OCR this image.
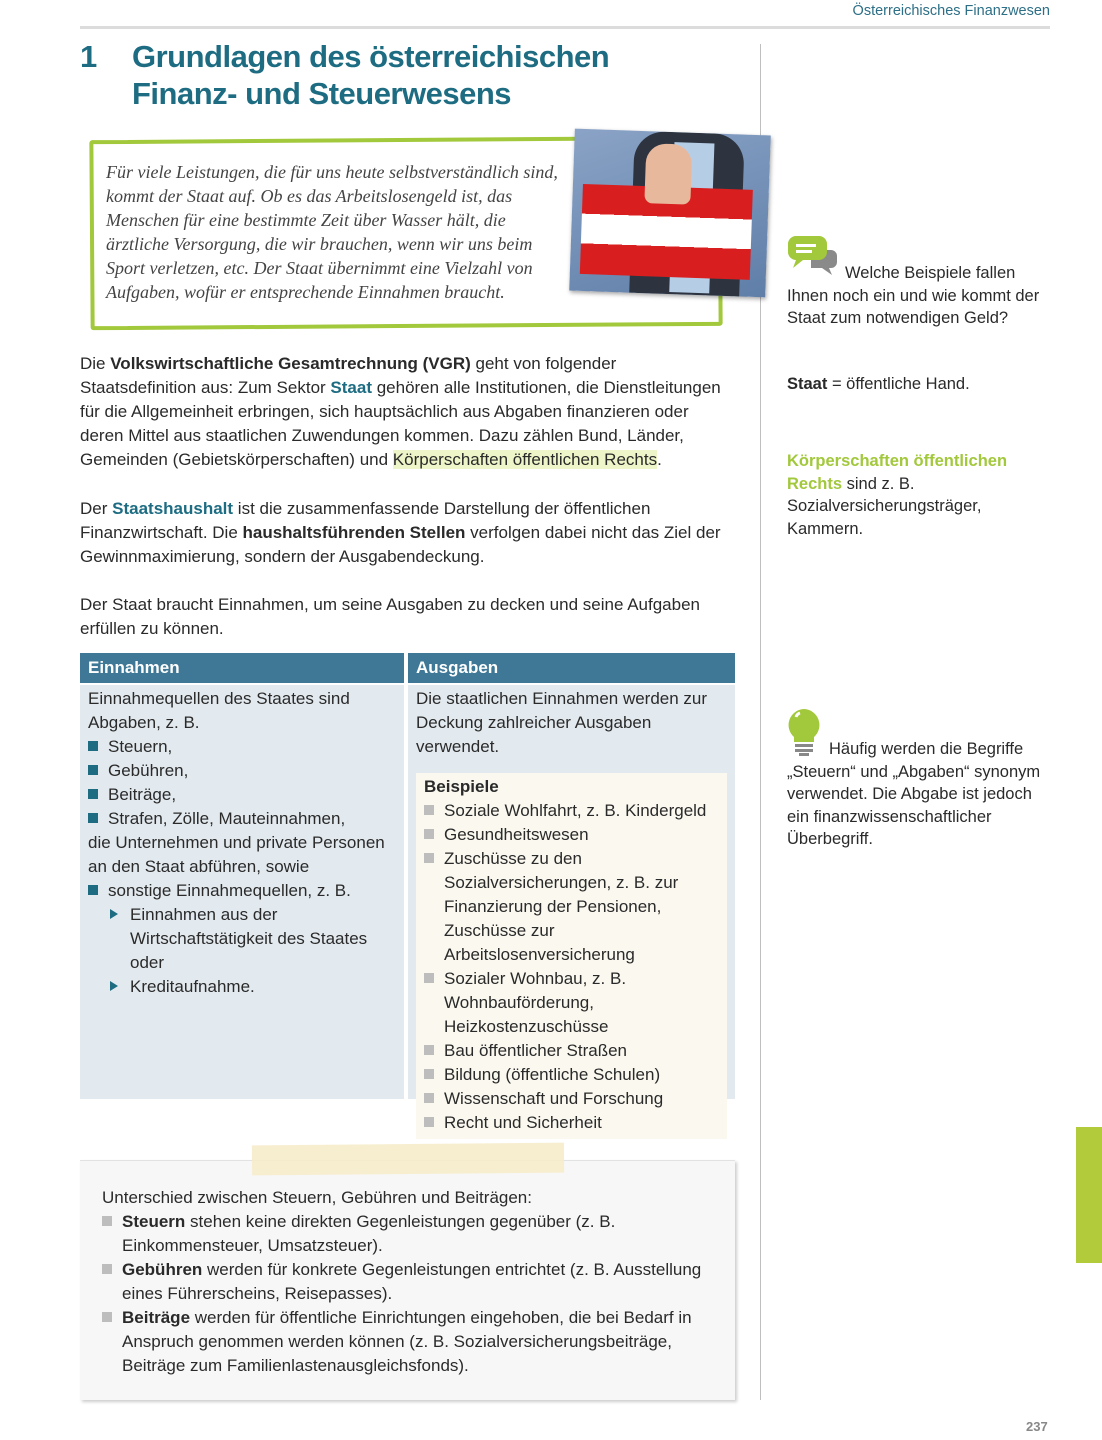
Österreichisches Finanzwesen
1 Grundlagen des österreichischen Finanz- und Steuerwesens
Für viele Leistungen, die für uns heute selbstverständlich sind, kommt der Staat auf. Ob es das Arbeitslosengeld ist, das Menschen für eine bestimmte Zeit über Wasser hält, die ärztliche Versorgung, die wir brauchen, wenn wir uns beim Sport verletzen, etc. Der Staat übernimmt eine Vielzahl von Aufgaben, wofür er entsprechende Einnahmen braucht.
Die Volkswirtschaftliche Gesamtrechnung (VGR) geht von folgender Staatsdefinition aus: Zum Sektor Staat gehören alle Institutionen, die Dienstleitungen für die Allgemeinheit erbringen, sich hauptsächlich aus Abgaben finanzieren oder deren Mittel aus staatlichen Zuwendungen kommen. Dazu zählen Bund, Länder, Gemeinden (Gebietskörperschaften) und Körperschaften öffentlichen Rechts.
Der Staatshaushalt ist die zusammenfassende Darstellung der öffentlichen Finanzwirtschaft. Die haushaltsführenden Stellen verfolgen dabei nicht das Ziel der Gewinnmaximierung, sondern der Ausgabendeckung.
Der Staat braucht Einnahmen, um seine Ausgaben zu decken und seine Aufgaben erfüllen zu können.
Einnahmen	Ausgaben
Einnahmequellen des Staates sind Abgaben, z. B.
Steuern,
Gebühren,
Beiträge,
Strafen, Zölle, Mauteinnahmen,
die Unternehmen und private Personen an den Staat abführen, sowie
sonstige Einnahmequellen, z. B.
Einnahmen aus der Wirtschaftstätigkeit des Staates oder
Kreditaufnahme.
Die staatlichen Einnahmen werden zur Deckung zahlreicher Ausgaben verwendet.
Beispiele
Soziale Wohlfahrt, z. B. Kindergeld
Gesundheitswesen
Zuschüsse zu den Sozialversicherungen, z. B. zur Finanzierung der Pensionen, Zuschüsse zur Arbeitslosenversicherung
Sozialer Wohnbau, z. B. Wohnbauförderung, Heizkostenzuschüsse
Bau öffentlicher Straßen
Bildung (öffentliche Schulen)
Wissenschaft und Forschung
Recht und Sicherheit
Unterschied zwischen Steuern, Gebühren und Beiträgen:
Steuern stehen keine direkten Gegenleistungen gegenüber (z. B. Einkommensteuer, Umsatzsteuer).
Gebühren werden für konkrete Gegenleistungen entrichtet (z. B. Ausstellung eines Führerscheins, Reisepasses).
Beiträge werden für öffentliche Einrichtungen eingehoben, die bei Bedarf in Anspruch genommen werden können (z. B. Sozialversicherungsbeiträge, Beiträge zum Familienlastenausgleichsfonds).
Welche Beispiele fallen Ihnen noch ein und wie kommt der Staat zum notwendigen Geld?
Staat = öffentliche Hand.
Körperschaften öffentlichen Rechts sind z. B. Sozialversicherungsträger, Kammern.
Häufig werden die Begriffe „Steuern“ und „Abgaben“ synonym verwendet. Die Abgabe ist jedoch ein finanzwissenschaftlicher Überbegriff.
237
